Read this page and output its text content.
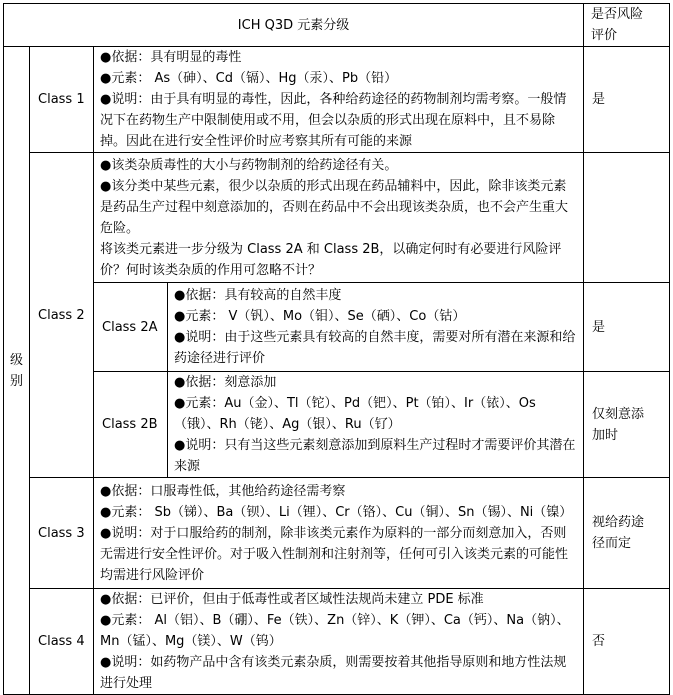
ICH Q3D 元素分级				是否风险评价
级别	Class 1	●依据：具有明显的毒性
●元素： As（砷）、Cd（镉）、Hg（汞）、Pb（铅）
●说明：由于具有明显的毒性，因此，各种给药途径的药物制剂均需考察。一般情况下在药物生产中限制使用或不用，但会以杂质的形式出现在原料中，且不易除掉。因此在进行安全性评价时应考察其所有可能的来源		是
	Class 2	●该类杂质毒性的大小与药物制剂的给药途径有关。
●该分类中某些元素，很少以杂质的形式出现在药品辅料中，因此，除非该类元素是药品生产过程中刻意添加的，否则在药品中不会出现该类杂质，也不会产生重大危险。
将该类元素进一步分级为 Class 2A 和 Class 2B，以确定何时有必要进行风险评价？何时该类杂质的作用可忽略不计？		

		Class 2A	●依据：具有较高的自然丰度
●元素： V（钒）、Mo（钼）、Se（硒）、Co（钴）
●说明：由于这些元素具有较高的自然丰度，需要对所有潜在来源和给药途径进行评价	是
		Class 2B	●依据：刻意添加
●元素：Au（金）、Tl（铊）、Pd（钯）、Pt（铂）、Ir（铱）、Os（锇）、Rh（铑）、Ag（银）、Ru（钌）
●说明：只有当这些元素刻意添加到原料生产过程时才需要评价其潜在来源	仅刻意添加时
	Class 3	●依据：口服毒性低，其他给药途径需考察
●元素： Sb（锑）、Ba（钡）、Li（锂）、Cr（铬）、Cu（铜）、Sn（锡）、Ni（镍）
●说明：对于口服给药的制剂，除非该类元素作为原料的一部分而刻意加入，否则无需进行安全性评价。对于吸入性制剂和注射剂等，任何可引入该类元素的可能性均需进行风险评价		视给药途径而定
	Class 4	●依据：已评价，但由于低毒性或者区域性法规尚未建立 PDE 标准
●元素： Al（铝）、B（硼）、Fe（铁）、Zn（锌）、K（钾）、Ca（钙）、Na（钠）、Mn（锰）、Mg（镁）、W（钨）
●说明：如药物产品中含有该类元素杂质，则需要按着其他指导原则和地方性法规进行处理		否
